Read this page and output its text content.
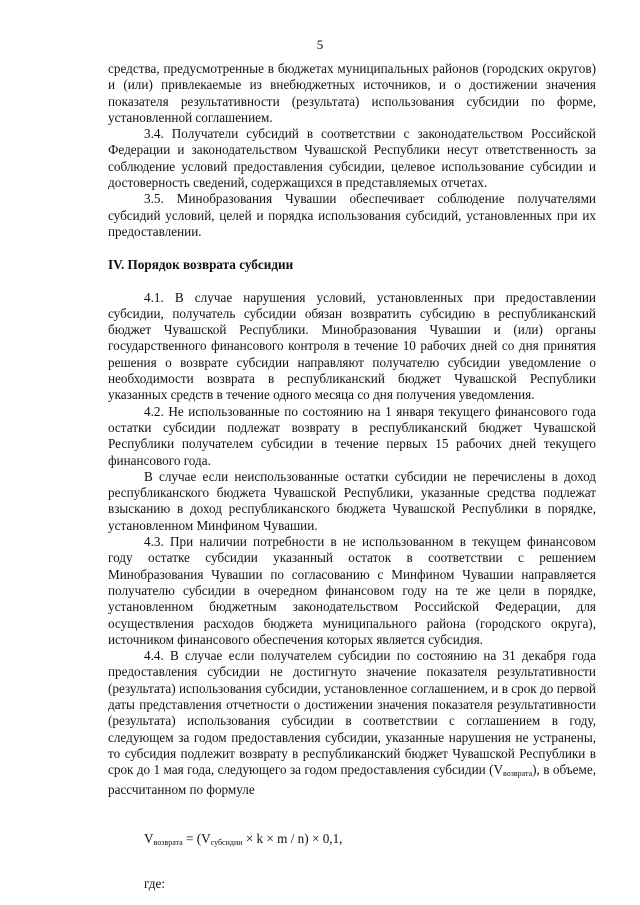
5

средства, предусмотренные в бюджетах муниципальных районов (городских округов) и (или) привлекаемые из внебюджетных источников, и о достижении значения показателя результативности (результата) использования субсидии по форме, установленной соглашением.

3.4. Получатели субсидий в соответствии с законодательством Российской Федерации и законодательством Чувашской Республики несут ответственность за соблюдение условий предоставления субсидии, целевое использование субсидии и достоверность сведений, содержащихся в представляемых отчетах.

3.5. Минобразования Чувашии обеспечивает соблюдение получателями субсидий условий, целей и порядка использования субсидий, установленных при их предоставлении.

IV. Порядок возврата субсидии

4.1. В случае нарушения условий, установленных при предоставлении субсидии, получатель субсидии обязан возвратить субсидию в республиканский бюджет Чувашской Республики. Минобразования Чувашии и (или) органы государственного финансового контроля в течение 10 рабочих дней со дня принятия решения о возврате субсидии направляют получателю субсидии уведомление о необходимости возврата в республиканский бюджет Чувашской Республики указанных средств в течение одного месяца со дня получения уведомления.

4.2. Не использованные по состоянию на 1 января текущего финансового года остатки субсидии подлежат возврату в республиканский бюджет Чувашской Республики получателем субсидии в течение первых 15 рабочих дней текущего финансового года.

В случае если неиспользованные остатки субсидии не перечислены в доход республиканского бюджета Чувашской Республики, указанные средства подлежат взысканию в доход республиканского бюджета Чувашской Республики в порядке, установленном Минфином Чувашии.

4.3. При наличии потребности в не использованном в текущем финансовом году остатке субсидии указанный остаток в соответствии с решением Минобразования Чувашии по согласованию с Минфином Чувашии направляется получателю субсидии в очередном финансовом году на те же цели в порядке, установленном бюджетным законодательством Российской Федерации, для осуществления расходов бюджета муниципального района (городского округа), источником финансового обеспечения которых является субсидия.

4.4. В случае если получателем субсидии по состоянию на 31 декабря года предоставления субсидии не достигнуто значение показателя результативности (результата) использования субсидии, установленное соглашением, и в срок до первой даты представления отчетности о достижении значения показателя результативности (результата) использования субсидии в соответствии с соглашением в году, следующем за годом предоставления субсидии, указанные нарушения не устранены, то субсидия подлежит возврату в республиканский бюджет Чувашской Республики в срок до 1 мая года, следующего за годом предоставления субсидии $(V_{возврата})$, в объеме, рассчитанном по формуле

$V_{возврата} = (V_{субсидии} \times k \times m / n) \times 0,1$,

где:
